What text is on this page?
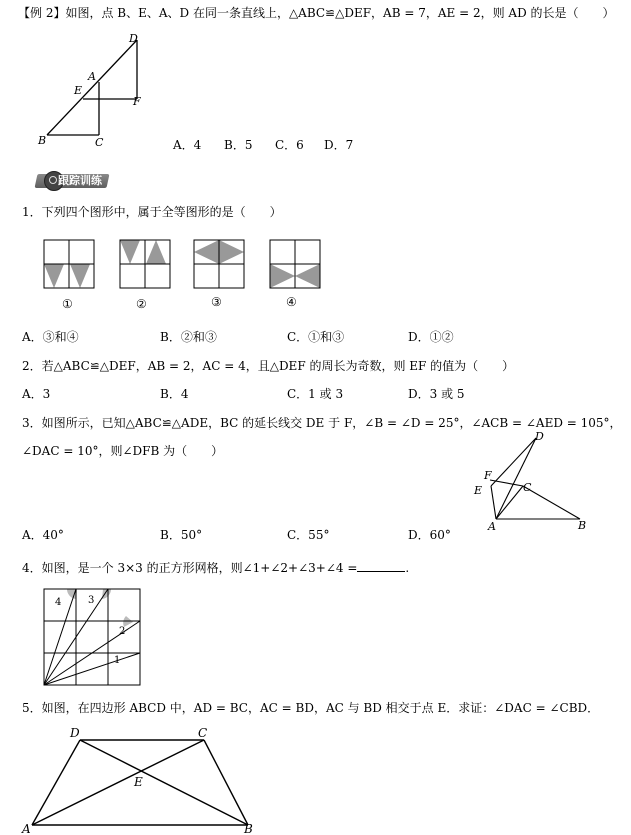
【例 2】如图，点 B、E、A、D 在同一条直线上，△ABC≌△DEF，AB = 7，AE = 2，则 AD 的长是（　　）
D
A
E
F
B	C	A．4 B．5 C．6 D．7
跟踪训练
1．下列四个图形中，属于全等图形的是（　　）
①	②	③	④
A．③和④	B．②和③	C．①和③	D．①②
2．若△ABC≌△DEF，AB = 2，AC = 4，且△DEF 的周长为奇数，则 EF 的值为（　　）
A．3	B．4	C．1 或 3	D．3 或 5
3．如图所示，已知△ABC≌△ADE，BC 的延长线交 DE 于 F，∠B = ∠D = 25°，∠ACB = ∠AED = 105°，
∠DAC = 10°，则∠DFB 为（　　）
D
F
E	C
A	B
A．40°	B．50°	C．55°	D．60°
4．如图，是一个 3×3 的正方形网格，则∠1+∠2+∠3+∠4 =	.
4	3
2
1
5．如图，在四边形 ABCD 中，AD = BC，AC = BD，AC 与 BD 相交于点 E．求证：∠DAC = ∠CBD．
D	C
E
A	B
